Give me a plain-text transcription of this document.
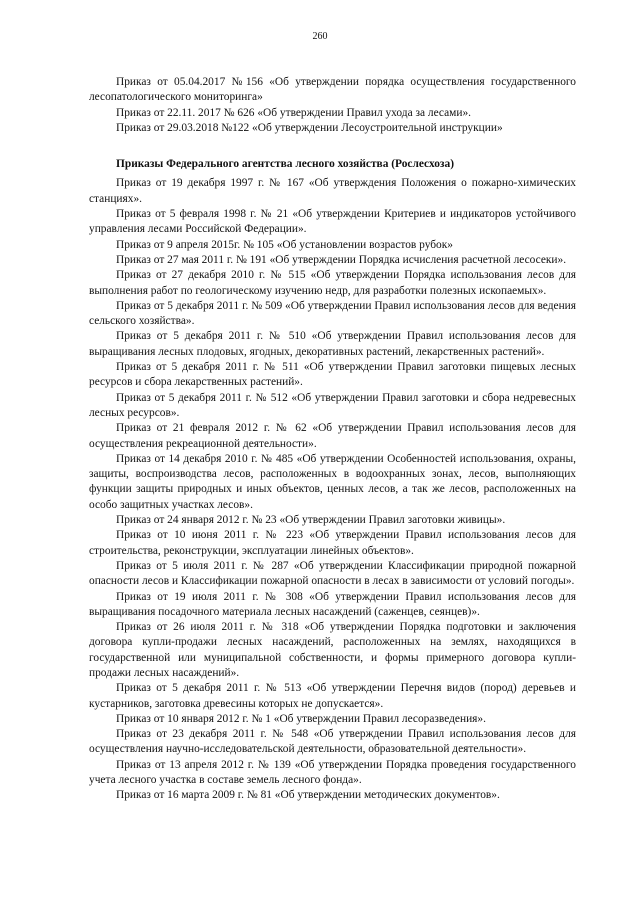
260

Приказ от 05.04.2017 №156 «Об утверждении порядка осуществления государственного лесопатологического мониторинга»

Приказ от 22.11. 2017 № 626 «Об утверждении Правил ухода за лесами».

Приказ от 29.03.2018 №122 «Об утверждении Лесоустроительной инструкции»

Приказы Федерального агентства лесного хозяйства (Рослесхоза)

Приказ от 19 декабря 1997 г. № 167 «Об утверждения Положения о пожарно-химических станциях».

Приказ от 5 февраля 1998 г. № 21 «Об утверждении Критериев и индикаторов устойчивого управления лесами Российской Федерации».

Приказ от 9 апреля 2015г. № 105 «Об установлении возрастов рубок»

Приказ от 27 мая 2011 г. № 191 «Об утверждении Порядка исчисления расчетной лесосеки».

Приказ от 27 декабря 2010 г. № 515 «Об утверждении Порядка использования лесов для выполнения работ по геологическому изучению недр, для разработки полезных ископаемых».

Приказ от 5 декабря 2011 г. № 509 «Об утверждении Правил использования лесов для ведения сельского хозяйства».

Приказ от 5 декабря 2011 г. № 510 «Об утверждении Правил использования лесов для выращивания лесных плодовых, ягодных, декоративных растений, лекарственных растений».

Приказ от 5 декабря 2011 г. № 511 «Об утверждении Правил заготовки пищевых лесных ресурсов и сбора лекарственных растений».

Приказ от 5 декабря 2011 г. № 512 «Об утверждении Правил заготовки и сбора недревесных лесных ресурсов».

Приказ от 21 февраля 2012 г. № 62 «Об утверждении Правил использования лесов для осуществления рекреационной деятельности».

Приказ от 14 декабря 2010 г. № 485 «Об утверждении Особенностей использования, охраны, защиты, воспроизводства лесов, расположенных в водоохранных зонах, лесов, выполняющих функции защиты природных и иных объектов, ценных лесов, а так же лесов, расположенных на особо защитных участках лесов».

Приказ от 24 января 2012 г. № 23 «Об утверждении Правил заготовки живицы».

Приказ от 10 июня 2011 г. № 223 «Об утверждении Правил использования лесов для строительства, реконструкции, эксплуатации линейных объектов».

Приказ от 5 июля 2011 г. № 287 «Об утверждении Классификации природной пожарной опасности лесов и Классификации пожарной опасности в лесах в зависимости от условий погоды».

Приказ от 19 июля 2011 г. № 308 «Об утверждении Правил использования лесов для выращивания посадочного материала лесных насаждений (саженцев, сеянцев)».

Приказ от 26 июля 2011 г. № 318 «Об утверждении Порядка подготовки и заключения договора купли-продажи лесных насаждений, расположенных на землях, находящихся в государственной или муниципальной собственности, и формы примерного договора купли-продажи лесных насаждений».

Приказ от 5 декабря 2011 г. № 513 «Об утверждении Перечня видов (пород) деревьев и кустарников, заготовка древесины которых не допускается».

Приказ от 10 января 2012 г. № 1 «Об утверждении Правил лесоразведения».

Приказ от 23 декабря 2011 г. № 548 «Об утверждении Правил использования лесов для осуществления научно-исследовательской деятельности, образовательной деятельности».

Приказ от 13 апреля 2012 г. № 139 «Об утверждении Порядка проведения государственного учета лесного участка в составе земель лесного фонда».

Приказ от 16 марта 2009 г. № 81 «Об утверждении методических документов».
